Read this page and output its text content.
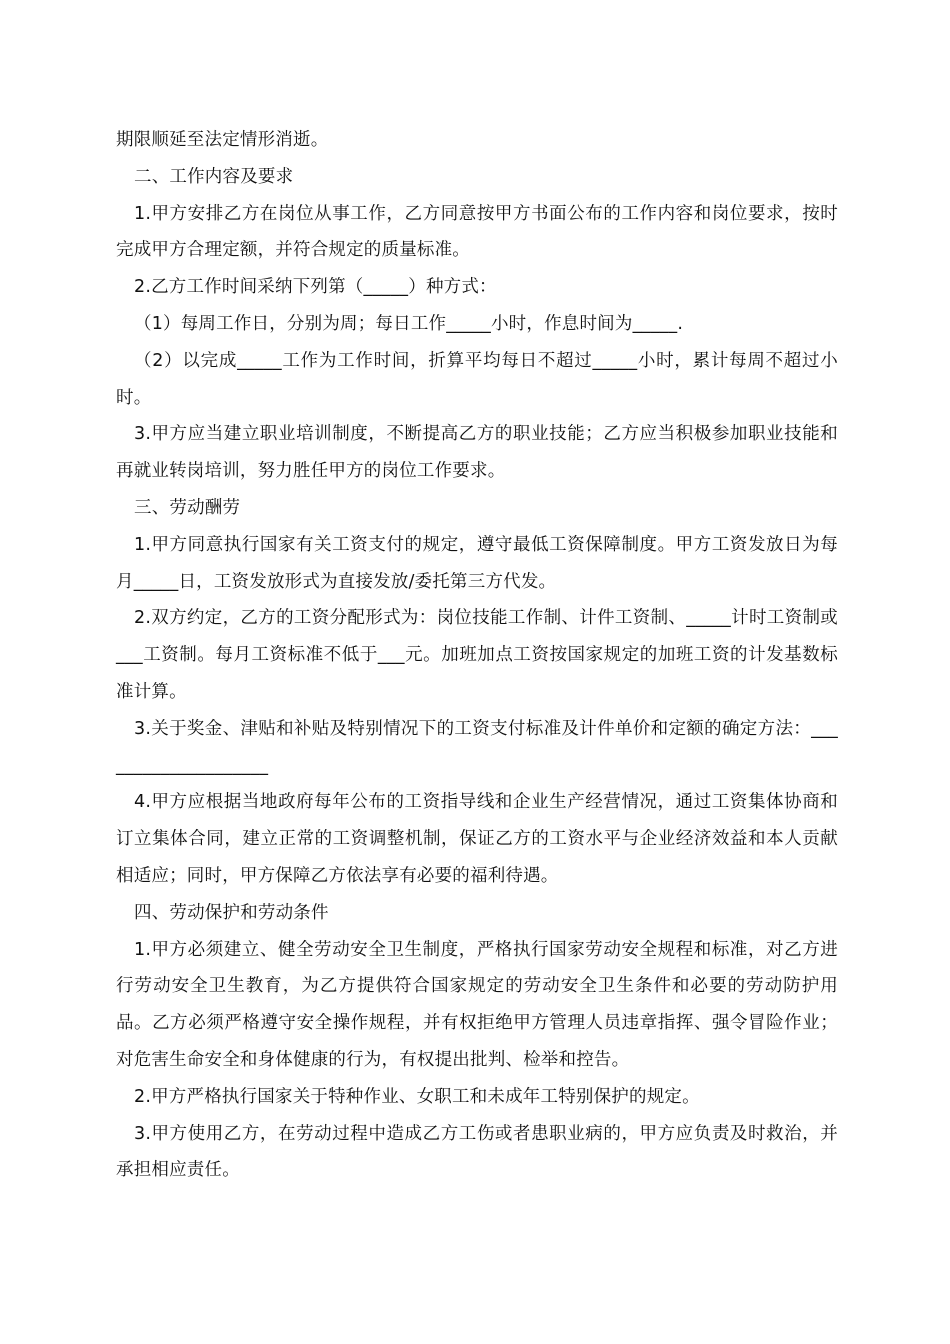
期限顺延至法定情形消逝。

二、工作内容及要求

1.甲方安排乙方在岗位从事工作，乙方同意按甲方书面公布的工作内容和岗位要求，按时完成甲方合理定额，并符合规定的质量标准。

2.乙方工作时间采纳下列第（_____）种方式：

（1）每周工作日，分别为周；每日工作_____小时，作息时间为_____.

（2）以完成_____工作为工作时间，折算平均每日不超过_____小时，累计每周不超过小时。

3.甲方应当建立职业培训制度，不断提高乙方的职业技能；乙方应当积极参加职业技能和再就业转岗培训，努力胜任甲方的岗位工作要求。

三、劳动酬劳

1.甲方同意执行国家有关工资支付的规定，遵守最低工资保障制度。甲方工资发放日为每月_____日，工资发放形式为直接发放/委托第三方代发。

2.双方约定，乙方的工资分配形式为：岗位技能工作制、计件工资制、_____计时工资制或___工资制。每月工资标准不低于___元。加班加点工资按国家规定的加班工资的计发基数标准计算。

3.关于奖金、津贴和补贴及特别情况下的工资支付标准及计件单价和定额的确定方法：____________________

4.甲方应根据当地政府每年公布的工资指导线和企业生产经营情况，通过工资集体协商和订立集体合同，建立正常的工资调整机制，保证乙方的工资水平与企业经济效益和本人贡献相适应；同时，甲方保障乙方依法享有必要的福利待遇。

四、劳动保护和劳动条件

1.甲方必须建立、健全劳动安全卫生制度，严格执行国家劳动安全规程和标准，对乙方进行劳动安全卫生教育，为乙方提供符合国家规定的劳动安全卫生条件和必要的劳动防护用品。乙方必须严格遵守安全操作规程，并有权拒绝甲方管理人员违章指挥、强令冒险作业；对危害生命安全和身体健康的行为，有权提出批判、检举和控告。

2.甲方严格执行国家关于特种作业、女职工和未成年工特别保护的规定。

3.甲方使用乙方，在劳动过程中造成乙方工伤或者患职业病的，甲方应负责及时救治，并承担相应责任。
